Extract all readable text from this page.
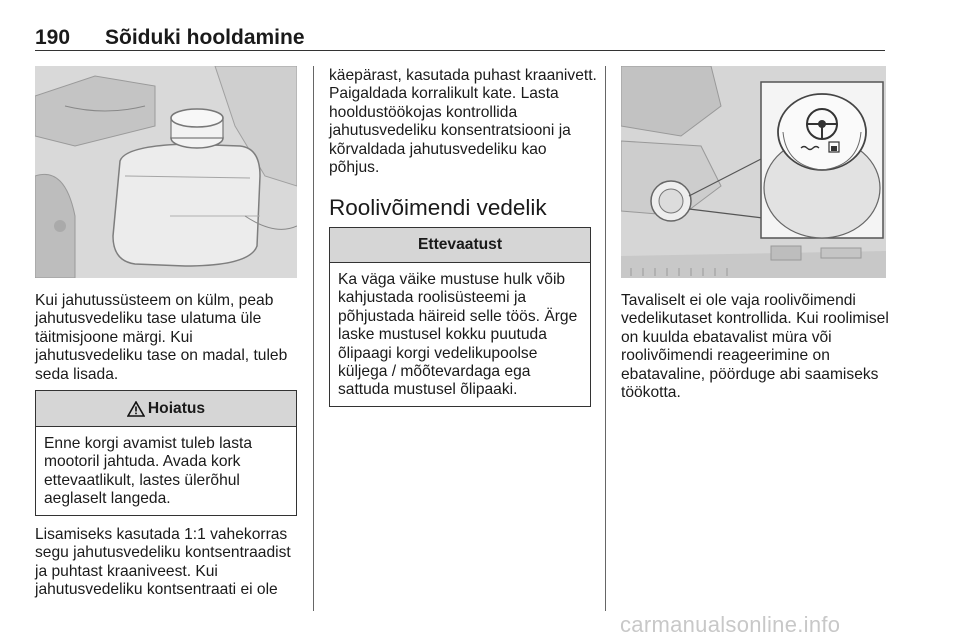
190 Sõiduki hooldamine

Kui jahutussüsteem on külm, peab jahutusvedeliku tase ulatuma üle täitmisjoone märgi. Kui jahutusvedeliku tase on madal, tuleb seda lisada.

Hoiatus

Enne korgi avamist tuleb lasta mootoril jahtuda. Avada kork ettevaatlikult, lastes ülerõhul aeglaselt langeda.

Lisamiseks kasutada 1:1 vahekorras segu jahutusvedeliku kontsentraadist ja puhtast kraaniveest. Kui jahutusvedeliku kontsentraati ei ole

käepärast, kasutada puhast kraanivett. Paigaldada korralikult kate. Lasta hooldustöökojas kontrollida jahutusvedeliku konsentratsiooni ja kõrvaldada jahutusvedeliku kao põhjus.

Roolivõimendi vedelik
Ettevaatust

Ka väga väike mustuse hulk võib kahjustada roolisüsteemi ja põhjustada häireid selle töös. Ärge laske mustusel kokku puutuda õlipaagi korgi vedelikupoolse küljega / mõõtevardaga ega sattuda mustusel õlipaaki.

Tavaliselt ei ole vaja roolivõimendi vedelikutaset kontrollida. Kui roolimisel on kuulda ebatavalist müra või roolivõimendi reageerimine on ebatavaline, pöörduge abi saamiseks töökotta.

carmanualsonline.info
